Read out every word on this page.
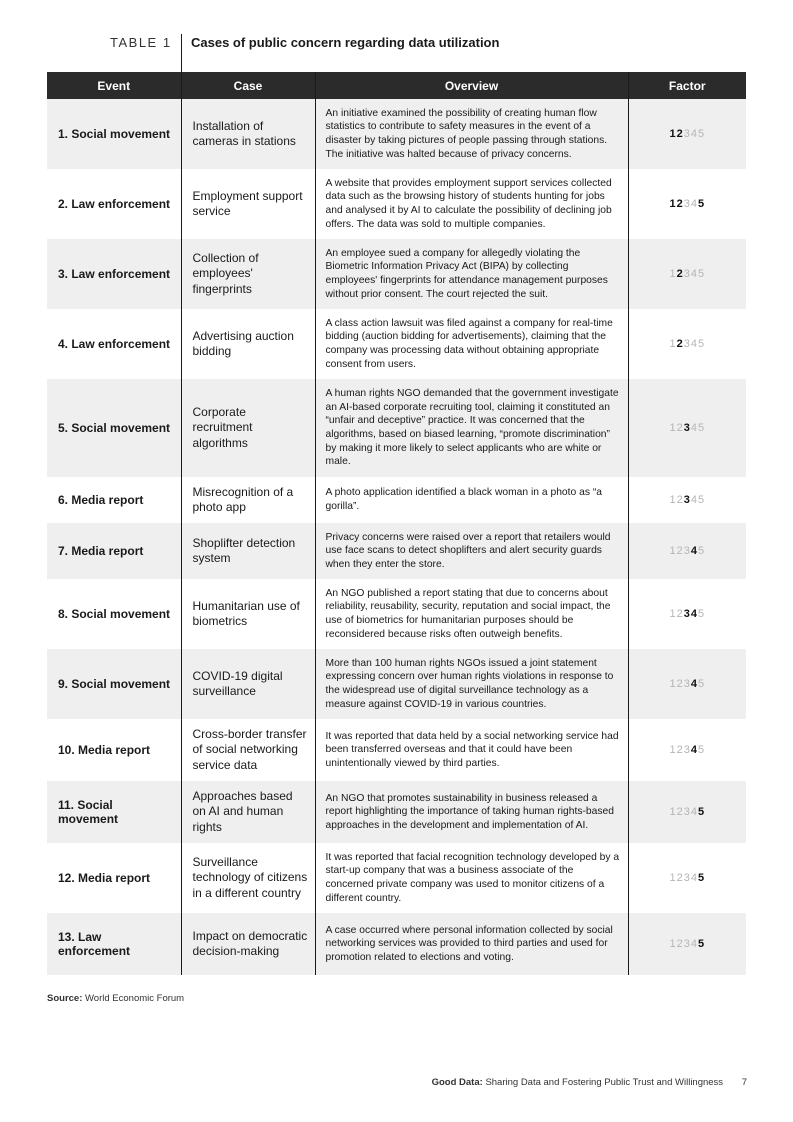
TABLE 1 Cases of public concern regarding data utilization
Event	Case	Overview	Factor
1. Social movement	Installation of cameras in stations	An initiative examined the possibility of creating human flow statistics to contribute to safety measures in the event of a disaster by taking pictures of people passing through stations. The initiative was halted because of privacy concerns.	12345
2. Law enforcement	Employment support service	A website that provides employment support services collected data such as the browsing history of students hunting for jobs and analysed it by AI to calculate the possibility of declining job offers. The data was sold to multiple companies.	12345
3. Law enforcement	Collection of employees' fingerprints	An employee sued a company for allegedly violating the Biometric Information Privacy Act (BIPA) by collecting employees' fingerprints for attendance management purposes without prior consent. The court rejected the suit.	12345
4. Law enforcement	Advertising auction bidding	A class action lawsuit was filed against a company for real-time bidding (auction bidding for advertisements), claiming that the company was processing data without obtaining appropriate consent from users.	12345
5. Social movement	Corporate recruitment algorithms	A human rights NGO demanded that the government investigate an AI-based corporate recruiting tool, claiming it constituted an “unfair and deceptive” practice. It was concerned that the algorithms, based on biased learning, “promote discrimination” by making it more likely to select applicants who are white or male.	12345
6. Media report	Misrecognition of a photo app	A photo application identified a black woman in a photo as “a gorilla”.	12345
7. Media report	Shoplifter detection system	Privacy concerns were raised over a report that retailers would use face scans to detect shoplifters and alert security guards when they enter the store.	12345
8. Social movement	Humanitarian use of biometrics	An NGO published a report stating that due to concerns about reliability, reusability, security, reputation and social impact, the use of biometrics for humanitarian purposes should be reconsidered because risks often outweigh benefits.	12345
9. Social movement	COVID-19 digital surveillance	More than 100 human rights NGOs issued a joint statement expressing concern over human rights violations in response to the widespread use of digital surveillance technology as a measure against COVID-19 in various countries.	12345
10. Media report	Cross-border transfer of social networking service data	It was reported that data held by a social networking service had been transferred overseas and that it could have been unintentionally viewed by third parties.	12345
11. Social movement	Approaches based on AI and human rights	An NGO that promotes sustainability in business released a report highlighting the importance of taking human rights-based approaches in the development and implementation of AI.	12345
12. Media report	Surveillance technology of citizens in a different country	It was reported that facial recognition technology developed by a start-up company that was a business associate of the concerned private company was used to monitor citizens of a different country.	12345
13. Law enforcement	Impact on democratic decision-making	A case occurred where personal information collected by social networking services was provided to third parties and used for promotion related to elections and voting.	12345
Source: World Economic Forum
Good Data: Sharing Data and Fostering Public Trust and Willingness 7
